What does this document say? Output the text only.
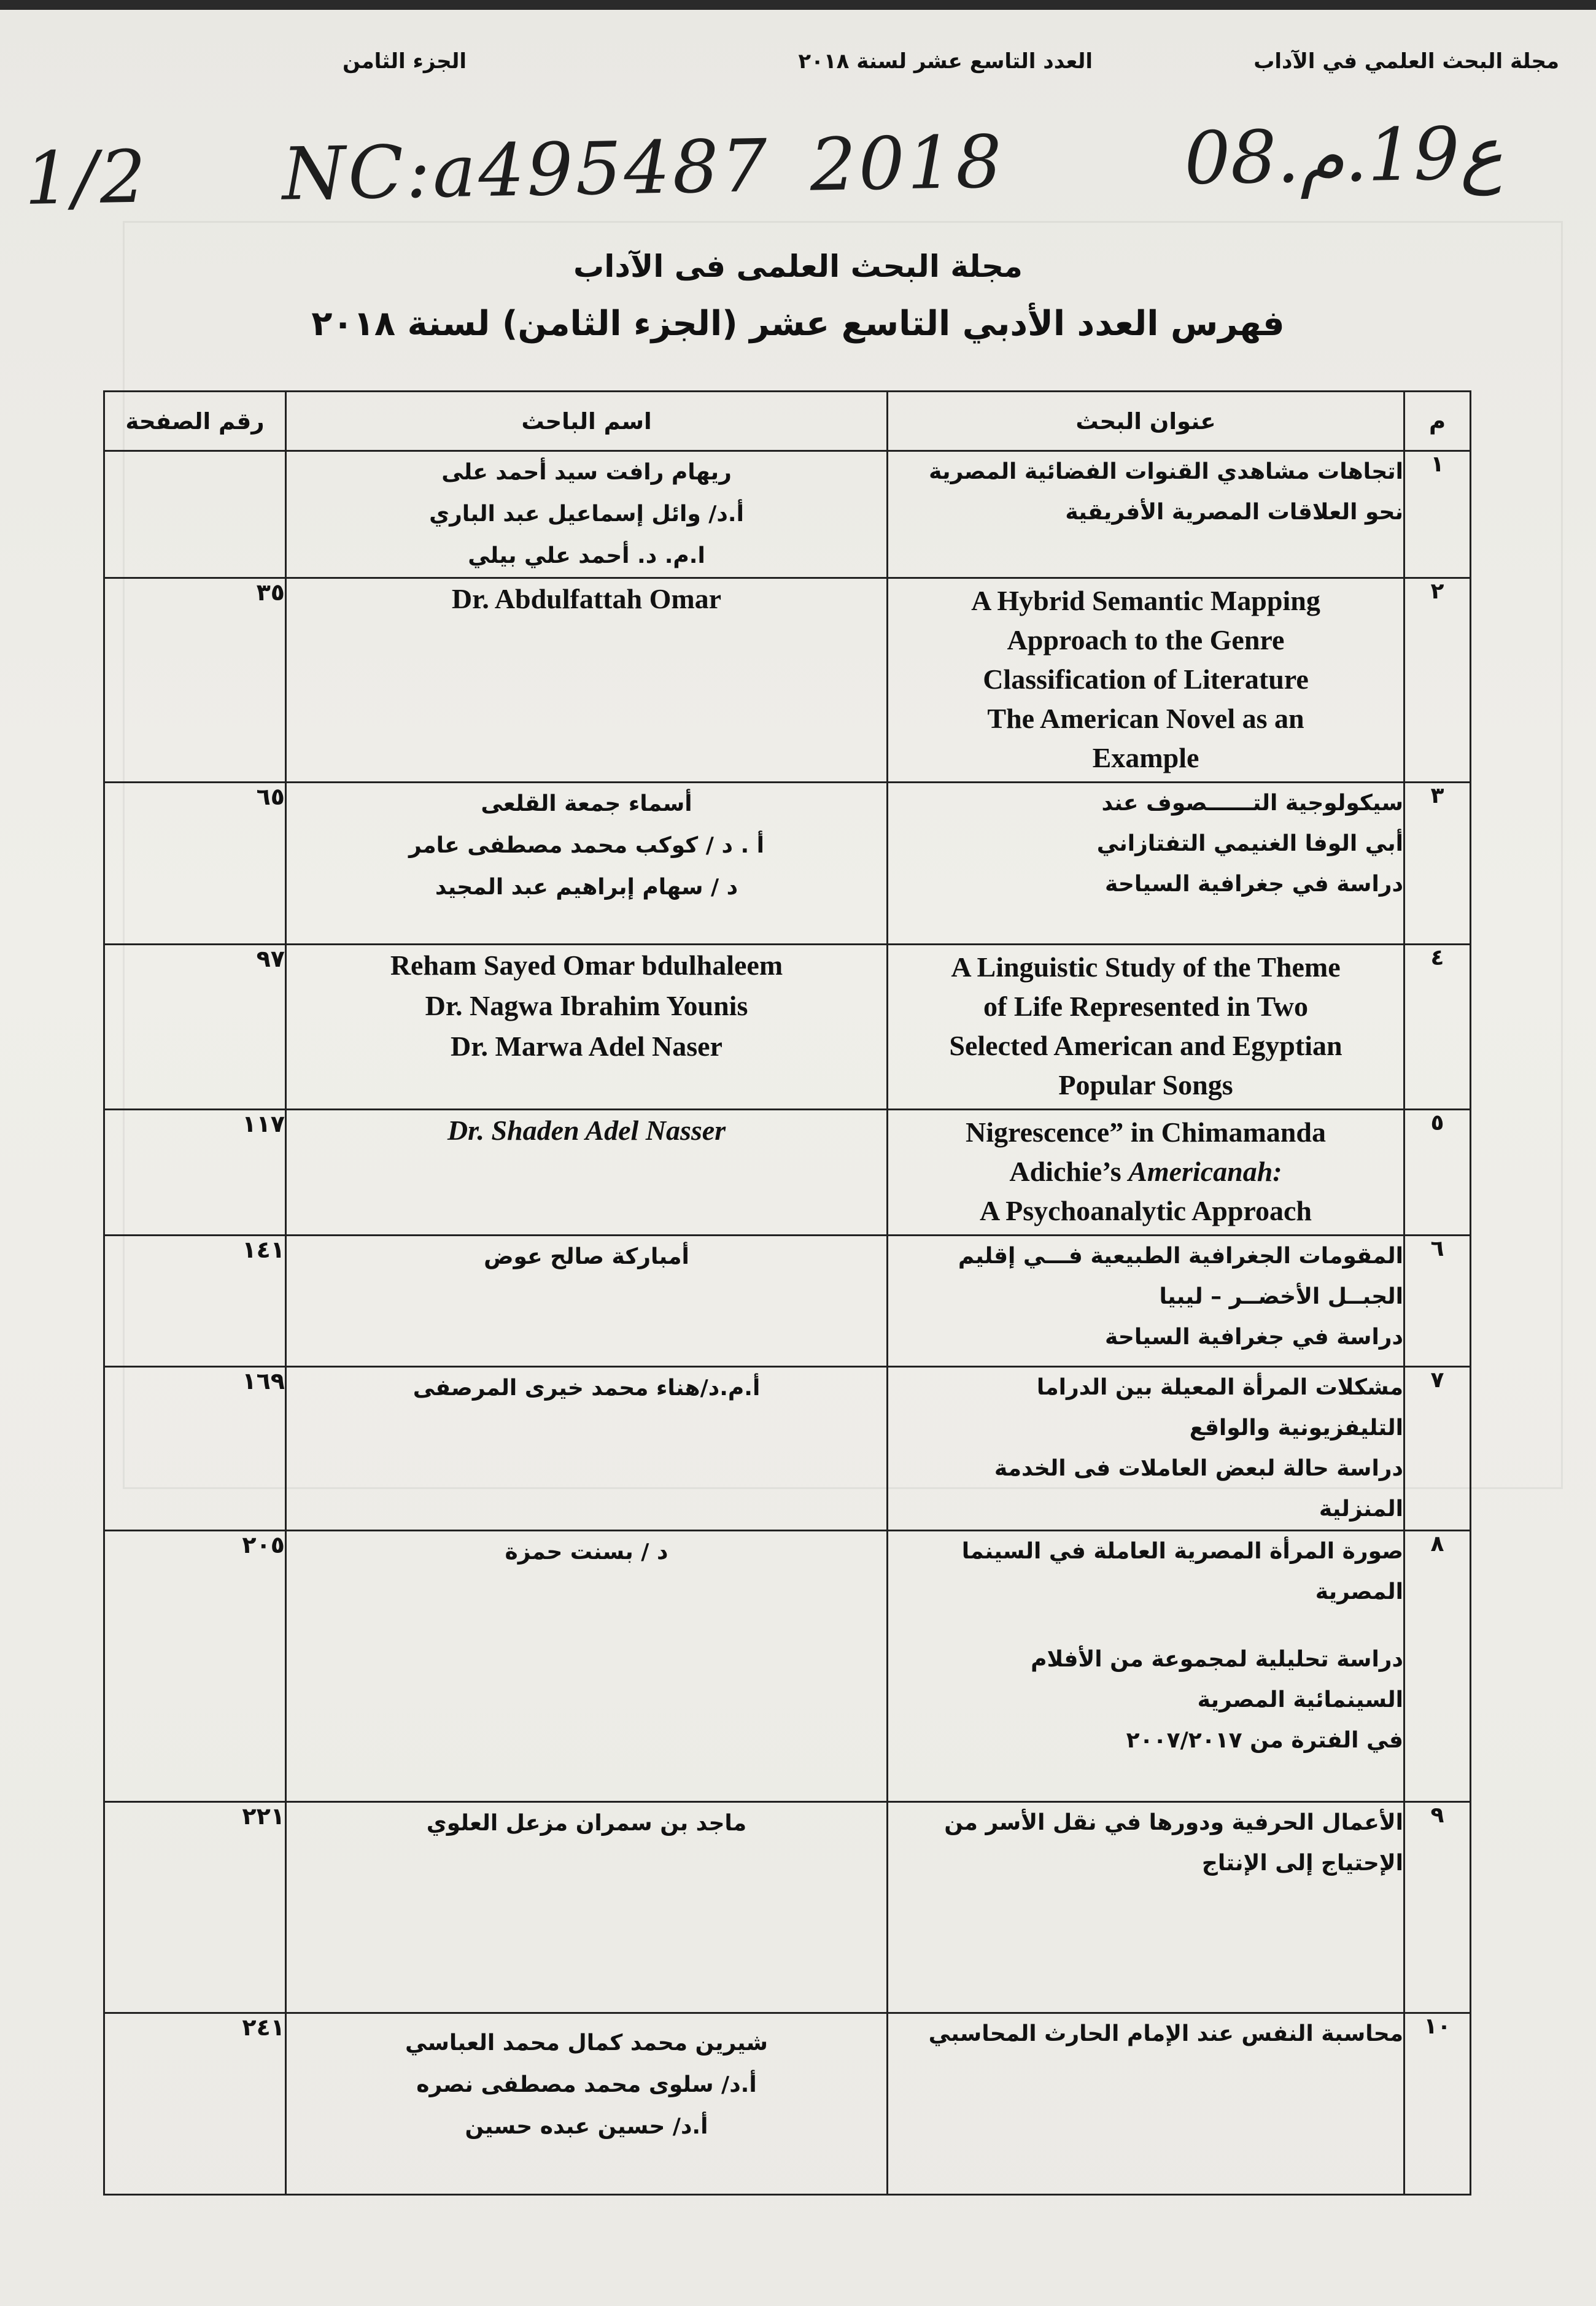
مجلة البحث العلمي في الآداب
العدد التاسع عشر لسنة ٢٠١٨
الجزء الثامن
1/2 NC:a495487 2018 08.ع19.م
مجلة البحث العلمى فى الآداب
فهرس العدد الأدبي التاسع عشر (الجزء الثامن) لسنة ٢٠١٨
م	عنوان البحث	اسم الباحث	رقم الصفحة
١	اتجاهات مشاهدي القنوات الفضائية المصرية
نحو العلاقات المصرية الأفريقية	ريهام رافت سيد أحمد على
أ.د/ وائل إسماعيل عبد الباري
ا.م. د. أحمد علي بيلي	

٢	A Hybrid Semantic Mapping
Approach to the Genre
Classification of Literature
The American Novel as an
Example	Dr. Abdulfattah Omar	٣٥
٣	سيكولوجية التــــــصوف عند
أبي الوفا الغنيمي التفتازاني
دراسة في جغرافية السياحة	أسماء جمعة القلعى
أ . د / كوكب محمد مصطفى عامر
د / سهام إبراهيم عبد المجيد	٦٥
٤	A Linguistic Study of the Theme
of Life Represented in Two
Selected American and Egyptian
Popular Songs	Reham Sayed Omar bdulhaleem
Dr. Nagwa Ibrahim Younis
Dr. Marwa Adel Naser	٩٧
٥	Nigrescence” in Chimamanda
Adichie’s Americanah:
A Psychoanalytic Approach	Dr. Shaden Adel Nasser	١١٧
٦	المقومات الجغرافية الطبيعية فـــي إقليم
الجبــل الأخضــر – ليبيا
دراسة في جغرافية السياحة	أمباركة صالح عوض	١٤١
٧	مشكلات المرأة المعيلة بين الدراما
التليفزيونية والواقع
دراسة حالة لبعض العاملات فى الخدمة
المنزلية	أ.م.د/هناء محمد خيرى المرصفى	١٦٩
٨	صورة المرأة المصرية العاملة في السينما
المصرية
دراسة تحليلية لمجموعة من الأفلام
السينمائية المصرية
في الفترة من ٢٠٠٧/٢٠١٧	د / بسنت حمزة	٢٠٥
٩	الأعمال الحرفية ودورها في نقل الأسر من
الإحتياج إلى الإنتاج	ماجد بن سمران مزعل العلوي	٢٢١
١٠	محاسبة النفس عند الإمام الحارث المحاسبي	شيرين محمد كمال محمد العباسي
أ.د/ سلوى محمد مصطفى نصره
أ.د/ حسين عبده حسين	٢٤١
